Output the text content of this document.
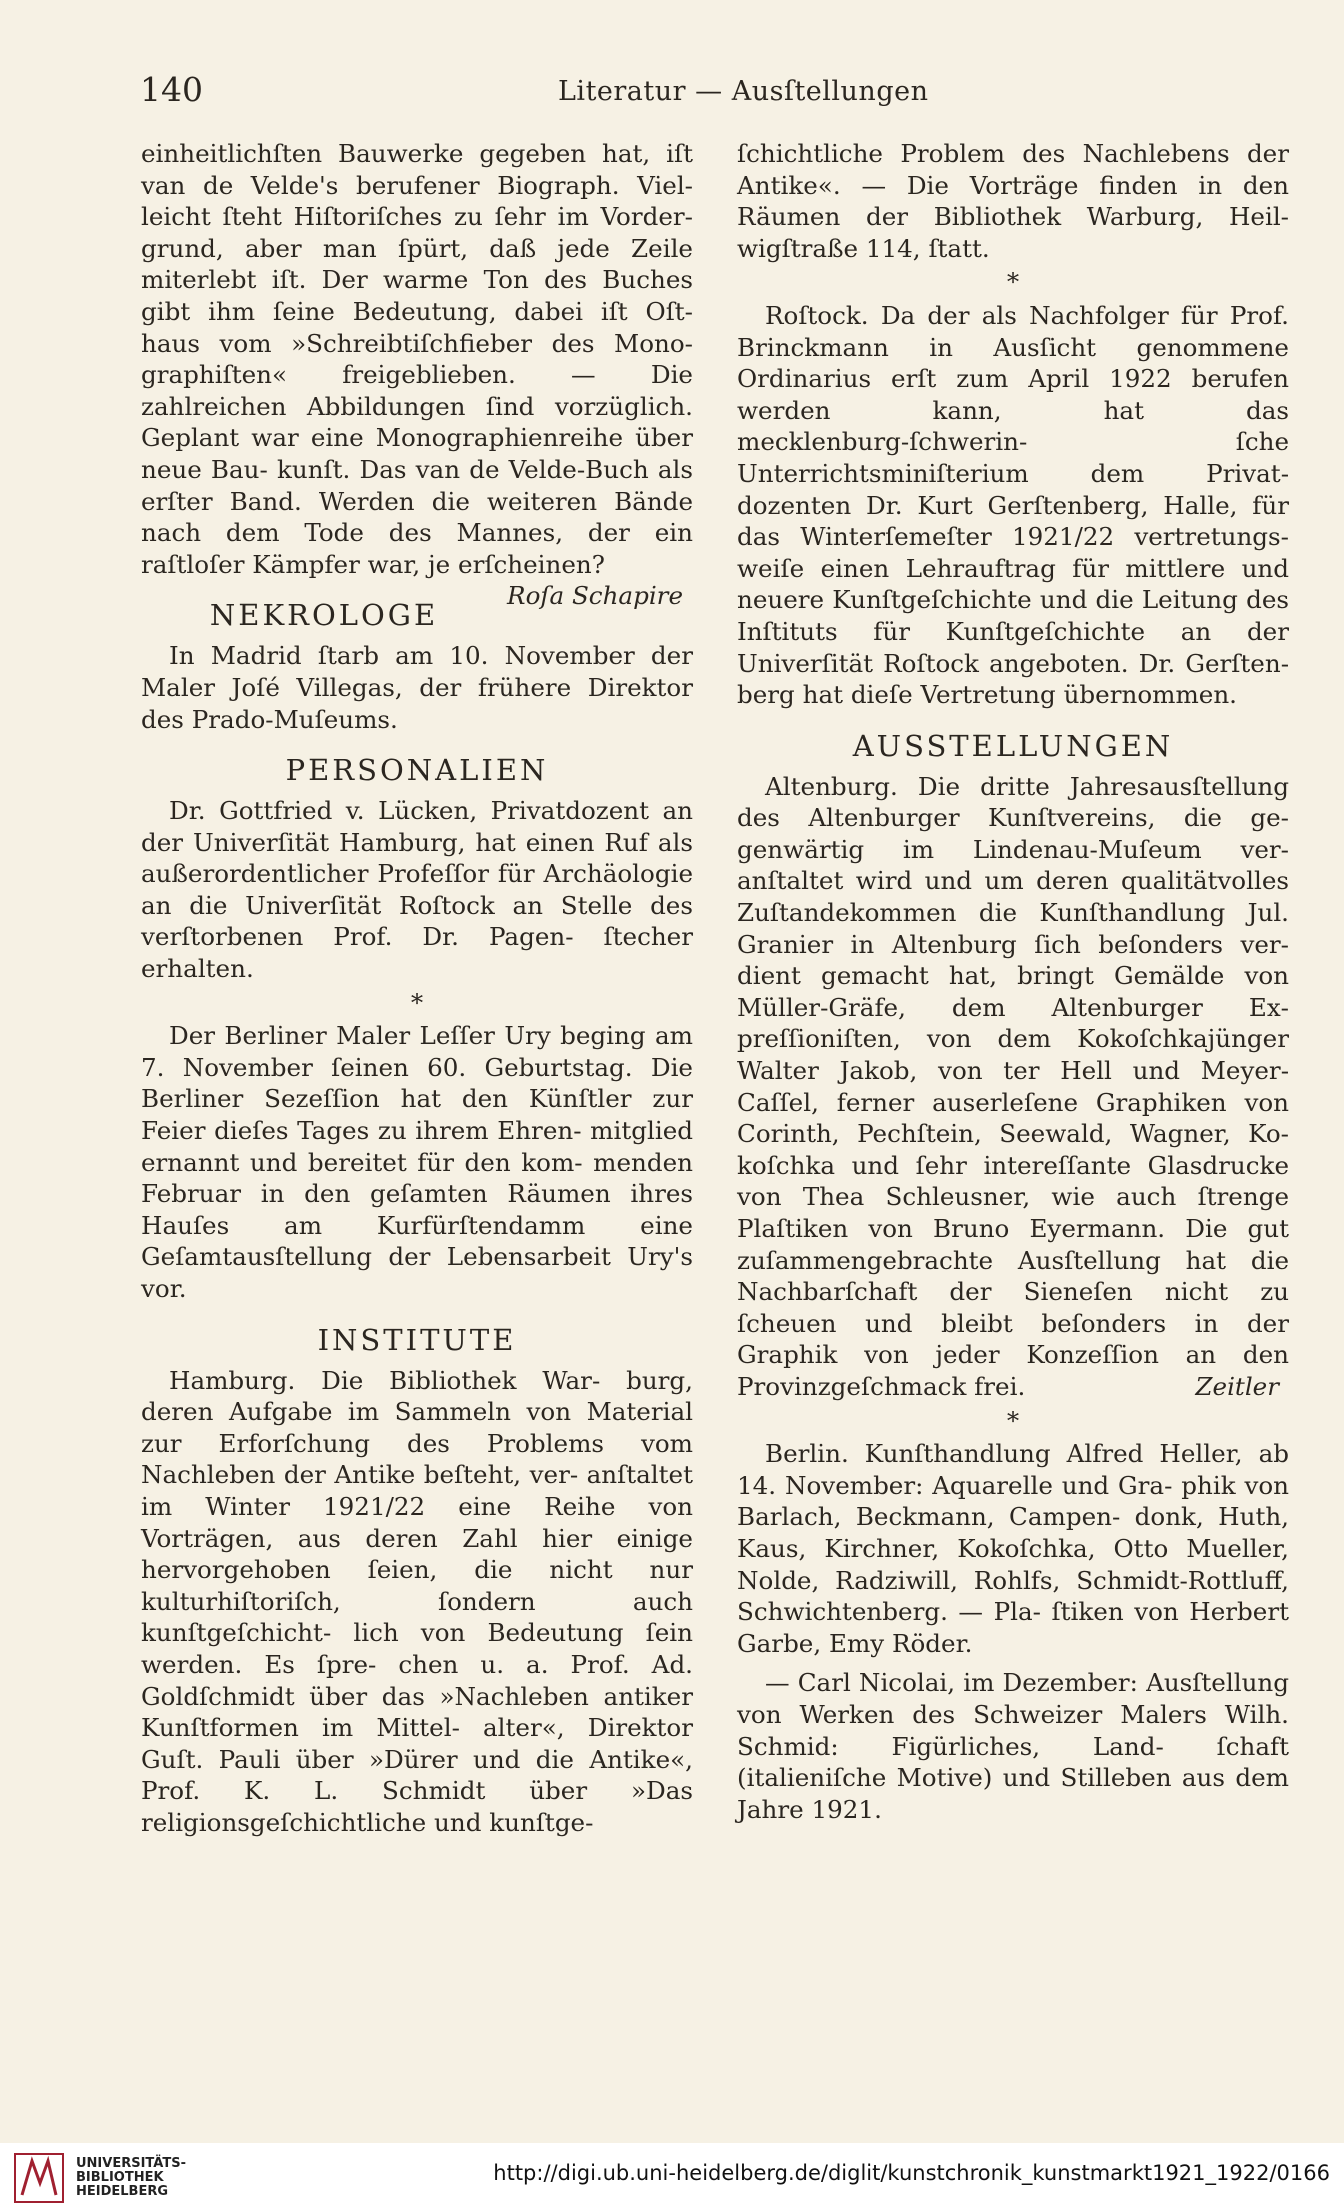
140	Literatur — Ausſtellungen

einheitlichſten Bauwerke gegeben hat, iſt van de Velde's berufener Biograph. Viel‑ leicht ſteht Hiſtoriſches zu ſehr im Vorder‑ grund, aber man ſpürt, daß jede Zeile miterlebt iſt. Der warme Ton des Buches gibt ihm ſeine Bedeutung, dabei iſt Oſt‑ haus vom »Schreibtiſchfieber des Mono‑ graphiſten« freigeblieben. — Die zahlreichen Abbildungen ſind vorzüglich. Geplant war eine Monographienreihe über neue Bau‑ kunſt. Das van de Velde‑Buch als erſter Band. Werden die weiteren Bände nach dem Tode des Mannes, der ein raſtloſer Kämpfer war, je erſcheinen?
Roſa Schapire

NEKROLOGE

In Madrid ſtarb am 10. November der Maler Joſé Villegas, der frühere Direktor des Prado‑Muſeums.

PERSONALIEN

Dr. Gottfried v. Lücken, Privatdozent an der Univerſität Hamburg, hat einen Ruf als außerordentlicher Profeſſor für Archäologie an die Univerſität Roſtock an Stelle des verſtorbenen Prof. Dr. Pagen‑ ſtecher erhalten.

*

Der Berliner Maler Leſſer Ury beging am 7. November ſeinen 60. Geburtstag. Die Berliner Sezeſſion hat den Künſtler zur Feier dieſes Tages zu ihrem Ehren‑ mitglied ernannt und bereitet für den kom‑ menden Februar in den geſamten Räumen ihres Hauſes am Kurfürſtendamm eine Geſamtausſtellung der Lebensarbeit Ury's vor.

INSTITUTE

Hamburg. Die Bibliothek War‑ burg, deren Aufgabe im Sammeln von Material zur Erforſchung des Problems vom Nachleben der Antike beſteht, ver‑ anſtaltet im Winter 1921/22 eine Reihe von Vorträgen, aus deren Zahl hier einige hervorgehoben ſeien, die nicht nur kulturhiſtoriſch, ſondern auch kunſtgeſchicht‑ lich von Bedeutung ſein werden. Es ſpre‑ chen u. a. Prof. Ad. Goldſchmidt über das »Nachleben antiker Kunſtformen im Mittel‑ alter«, Direktor Guſt. Pauli über »Dürer und die Antike«, Prof. K. L. Schmidt über »Das religionsgeſchichtliche und kunſtge‑

ſchichtliche Problem des Nachlebens der Antike«. — Die Vorträge finden in den Räumen der Bibliothek Warburg, Heil‑ wigſtraße 114, ſtatt.

*

Roſtock. Da der als Nachfolger für Prof. Brinckmann in Ausſicht genommene Ordinarius erſt zum April 1922 berufen werden kann, hat das mecklenburg‑ſchwerin‑ ſche Unterrichtsminiſterium dem Privat‑ dozenten Dr. Kurt Gerſtenberg, Halle, für das Winterſemeſter 1921/22 vertretungs‑ weiſe einen Lehrauftrag für mittlere und neuere Kunſtgeſchichte und die Leitung des Inſtituts für Kunſtgeſchichte an der Univerſität Roſtock angeboten. Dr. Gerſten‑ berg hat dieſe Vertretung übernommen.

AUSSTELLUNGEN

Altenburg. Die dritte Jahresausſtellung des Altenburger Kunſtvereins, die ge‑ genwärtig im Lindenau‑Muſeum ver‑ anſtaltet wird und um deren qualitätvolles Zuſtandekommen die Kunſthandlung Jul. Granier in Altenburg ſich beſonders ver‑ dient gemacht hat, bringt Gemälde von Müller‑Gräfe, dem Altenburger Ex‑ preſſioniſten, von dem Kokoſchkajünger Walter Jakob, von ter Hell und Meyer‑ Caſſel, ferner auserleſene Graphiken von Corinth, Pechſtein, Seewald, Wagner, Ko‑ koſchka und ſehr intereſſante Glasdrucke von Thea Schleusner, wie auch ſtrenge Plaſtiken von Bruno Eyermann. Die gut zuſammengebrachte Ausſtellung hat die Nachbarſchaft der Sieneſen nicht zu ſcheuen und bleibt beſonders in der Graphik von jeder Konzeſſion an den Provinzgeſchmack frei.	Zeitler

*

Berlin. Kunſthandlung Alfred Heller, ab 14. November: Aquarelle und Gra‑ phik von Barlach, Beckmann, Campen‑ donk, Huth, Kaus, Kirchner, Kokoſchka, Otto Mueller, Nolde, Radziwill, Rohlfs, Schmidt‑Rottluff, Schwichtenberg. — Pla‑ ſtiken von Herbert Garbe, Emy Röder.

— Carl Nicolai, im Dezember: Ausſtellung von Werken des Schweizer Malers Wilh. Schmid: Figürliches, Land‑ ſchaft (italieniſche Motive) und Stilleben aus dem Jahre 1921.

UNIVERSITÄTS-
BIBLIOTHEK
HEIDELBERG
http://digi.ub.uni-heidelberg.de/diglit/kunstchronik_kunstmarkt1921_1922/0166
